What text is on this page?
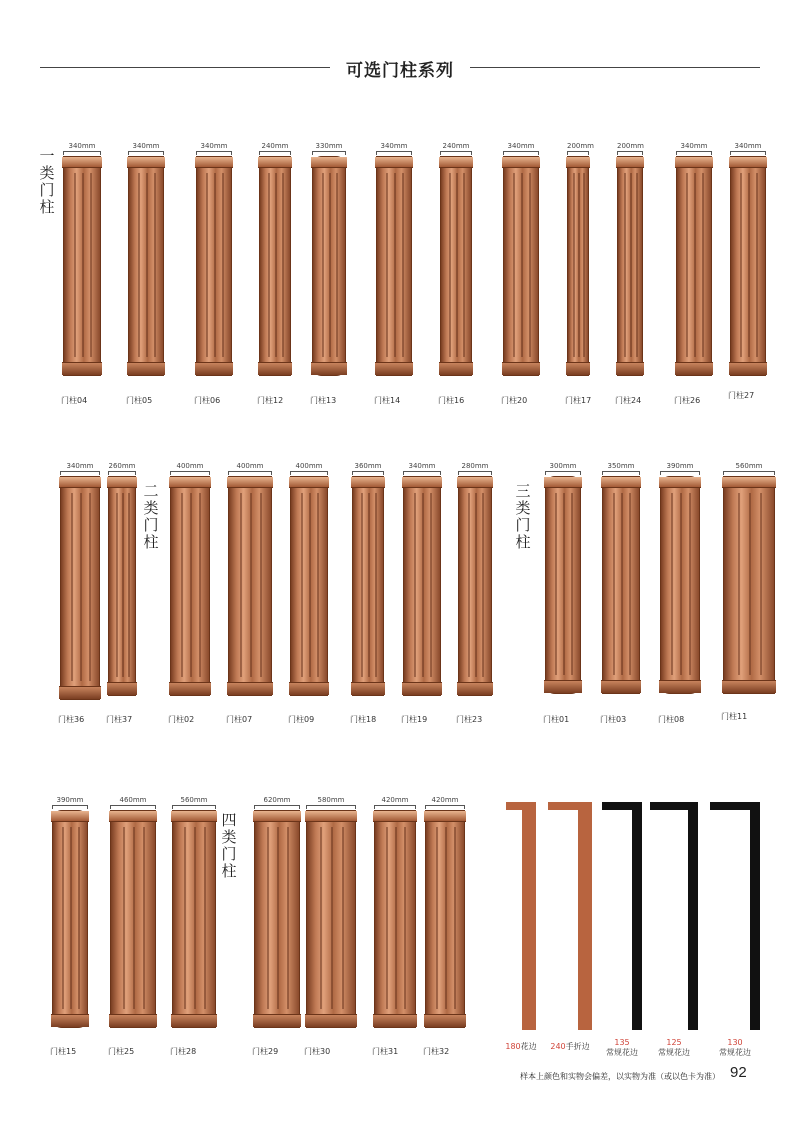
可选门柱系列
一类门柱
二类门柱
三类门柱
四类门柱
340mm
门柱04
340mm
门柱05
340mm
门柱06
240mm
门柱12
330mm
门柱13
340mm
门柱14
240mm
门柱16
340mm
门柱20
200mm
门柱17
200mm
门柱24
340mm
门柱26
340mm
门柱27
340mm
门柱36
260mm
门柱37
400mm
门柱02
400mm
门柱07
400mm
门柱09
360mm
门柱18
340mm
门柱19
280mm
门柱23
300mm
门柱01
350mm
门柱03
390mm
门柱08
560mm
门柱11
390mm
门柱15
460mm
门柱25
560mm
门柱28
620mm
门柱29
580mm
门柱30
420mm
门柱31
420mm
门柱32
180花边	240手折边	135
常规花边
125
常规花边
130
常规花边
样本上颜色和实物会偏差，以实物为准（或以色卡为准） 92
